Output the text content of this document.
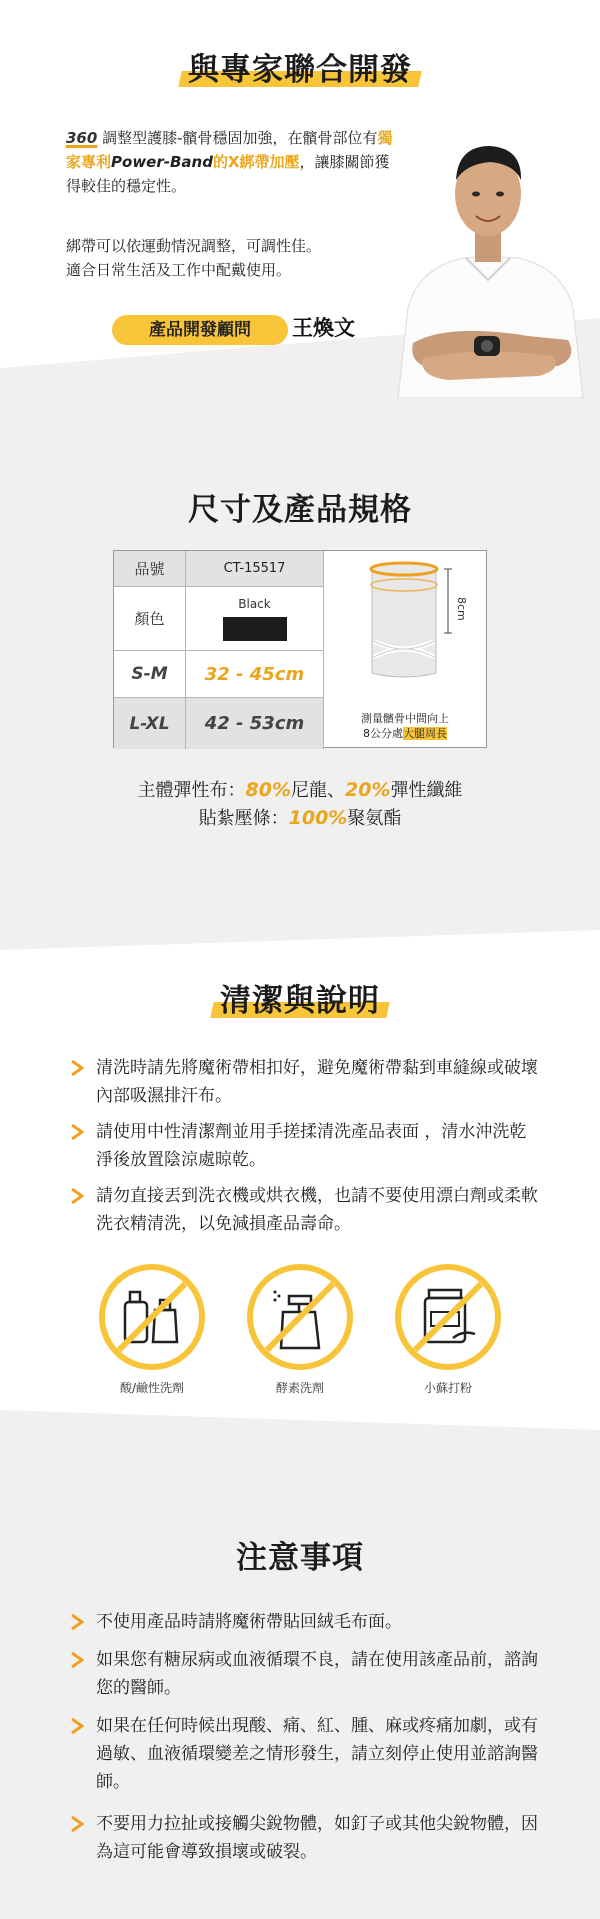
與專家聯合開發
360 調整型護膝-髕骨穩固加強，在髕骨部位有獨家專利Power-Band的X綁帶加壓，讓膝關節獲得較佳的穩定性。
綁帶可以依運動情況調整，可調性佳。
適合日常生活及工作中配戴使用。
產品開發顧問	王煥文
尺寸及產品規格
品號	CT-15517
顏色
Black
S-M 32 - 45cm
L-XL 42 - 53cm
8cm
測量髕骨中間向上
8公分處大腿周長
主體彈性布：80%尼龍、20%彈性纖維
貼紮壓條：100%聚氨酯
清潔與說明
清洗時請先將魔術帶相扣好，避免魔術帶黏到車縫線或破壞內部吸濕排汗布。
請使用中性清潔劑並用手搓揉清洗產品表面 ，清水沖洗乾淨後放置陰涼處晾乾。
請勿直接丟到洗衣機或烘衣機，也請不要使用漂白劑或柔軟洗衣精清洗，以免減損產品壽命。
酸/鹼性洗劑	酵素洗劑	小蘇打粉
注意事項
不使用產品時請將魔術帶貼回絨毛布面。
如果您有糖尿病或血液循環不良，請在使用該產品前，諮詢您的醫師。
如果在任何時候出現酸、痛、紅、腫、麻或疼痛加劇，或有過敏、血液循環變差之情形發生，請立刻停止使用並諮詢醫師。
不要用力拉扯或接觸尖銳物體，如釘子或其他尖銳物體，因為這可能會導致損壞或破裂。
